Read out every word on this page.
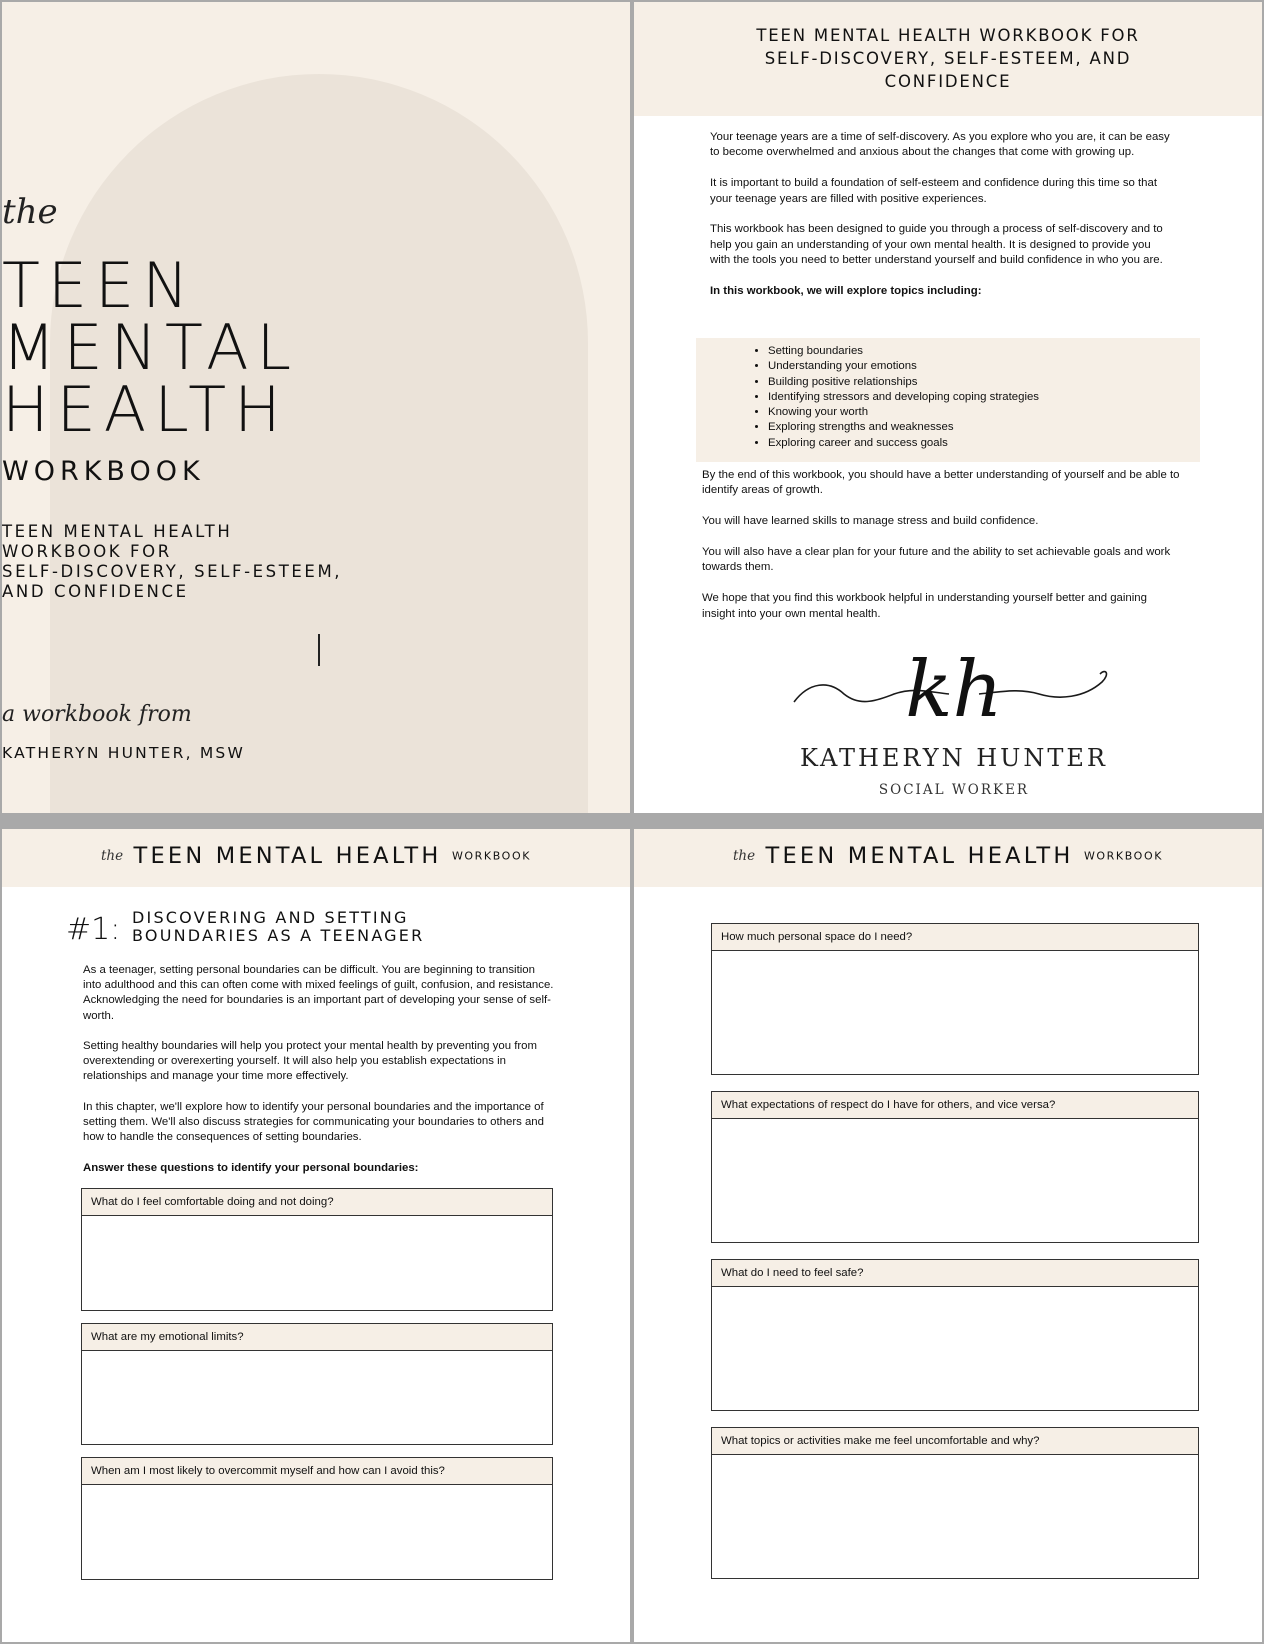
the
TEEN
MENTAL
HEALTH
WORKBOOK
TEEN MENTAL HEALTH
WORKBOOK FOR
SELF-DISCOVERY, SELF-ESTEEM,
AND CONFIDENCE
a workbook from
KATHERYN HUNTER, MSW
TEEN MENTAL HEALTH WORKBOOK FOR
SELF-DISCOVERY, SELF-ESTEEM, AND
CONFIDENCE

Your teenage years are a time of self-discovery. As you explore who you are, it can be easy to become overwhelmed and anxious about the changes that come with growing up.

It is important to build a foundation of self-esteem and confidence during this time so that your teenage years are filled with positive experiences.

This workbook has been designed to guide you through a process of self-discovery and to help you gain an understanding of your own mental health. It is designed to provide you with the tools you need to better understand yourself and build confidence in who you are.

In this workbook, we will explore topics including:

• Setting boundaries
• Understanding your emotions
• Building positive relationships
• Identifying stressors and developing coping strategies
• Knowing your worth
• Exploring strengths and weaknesses
• Exploring career and success goals

By the end of this workbook, you should have a better understanding of yourself and be able to identify areas of growth.

You will have learned skills to manage stress and build confidence.

You will also have a clear plan for your future and the ability to set achievable goals and work towards them.

We hope that you find this workbook helpful in understanding yourself better and gaining insight into your own mental health.

kh
KATHERYN HUNTER
SOCIAL WORKER
the TEEN MENTAL HEALTH WORKBOOK
#1: DISCOVERING AND SETTING
BOUNDARIES AS A TEENAGER

As a teenager, setting personal boundaries can be difficult. You are beginning to transition into adulthood and this can often come with mixed feelings of guilt, confusion, and resistance. Acknowledging the need for boundaries is an important part of developing your sense of self-worth.

Setting healthy boundaries will help you protect your mental health by preventing you from overextending or overexerting yourself. It will also help you establish expectations in relationships and manage your time more effectively.

In this chapter, we'll explore how to identify your personal boundaries and the importance of setting them. We'll also discuss strategies for communicating your boundaries to others and how to handle the consequences of setting boundaries.

Answer these questions to identify your personal boundaries:

What do I feel comfortable doing and not doing?
What are my emotional limits?
When am I most likely to overcommit myself and how can I avoid this?
the TEEN MENTAL HEALTH WORKBOOK
How much personal space do I need?
What expectations of respect do I have for others, and vice versa?
What do I need to feel safe?
What topics or activities make me feel uncomfortable and why?
